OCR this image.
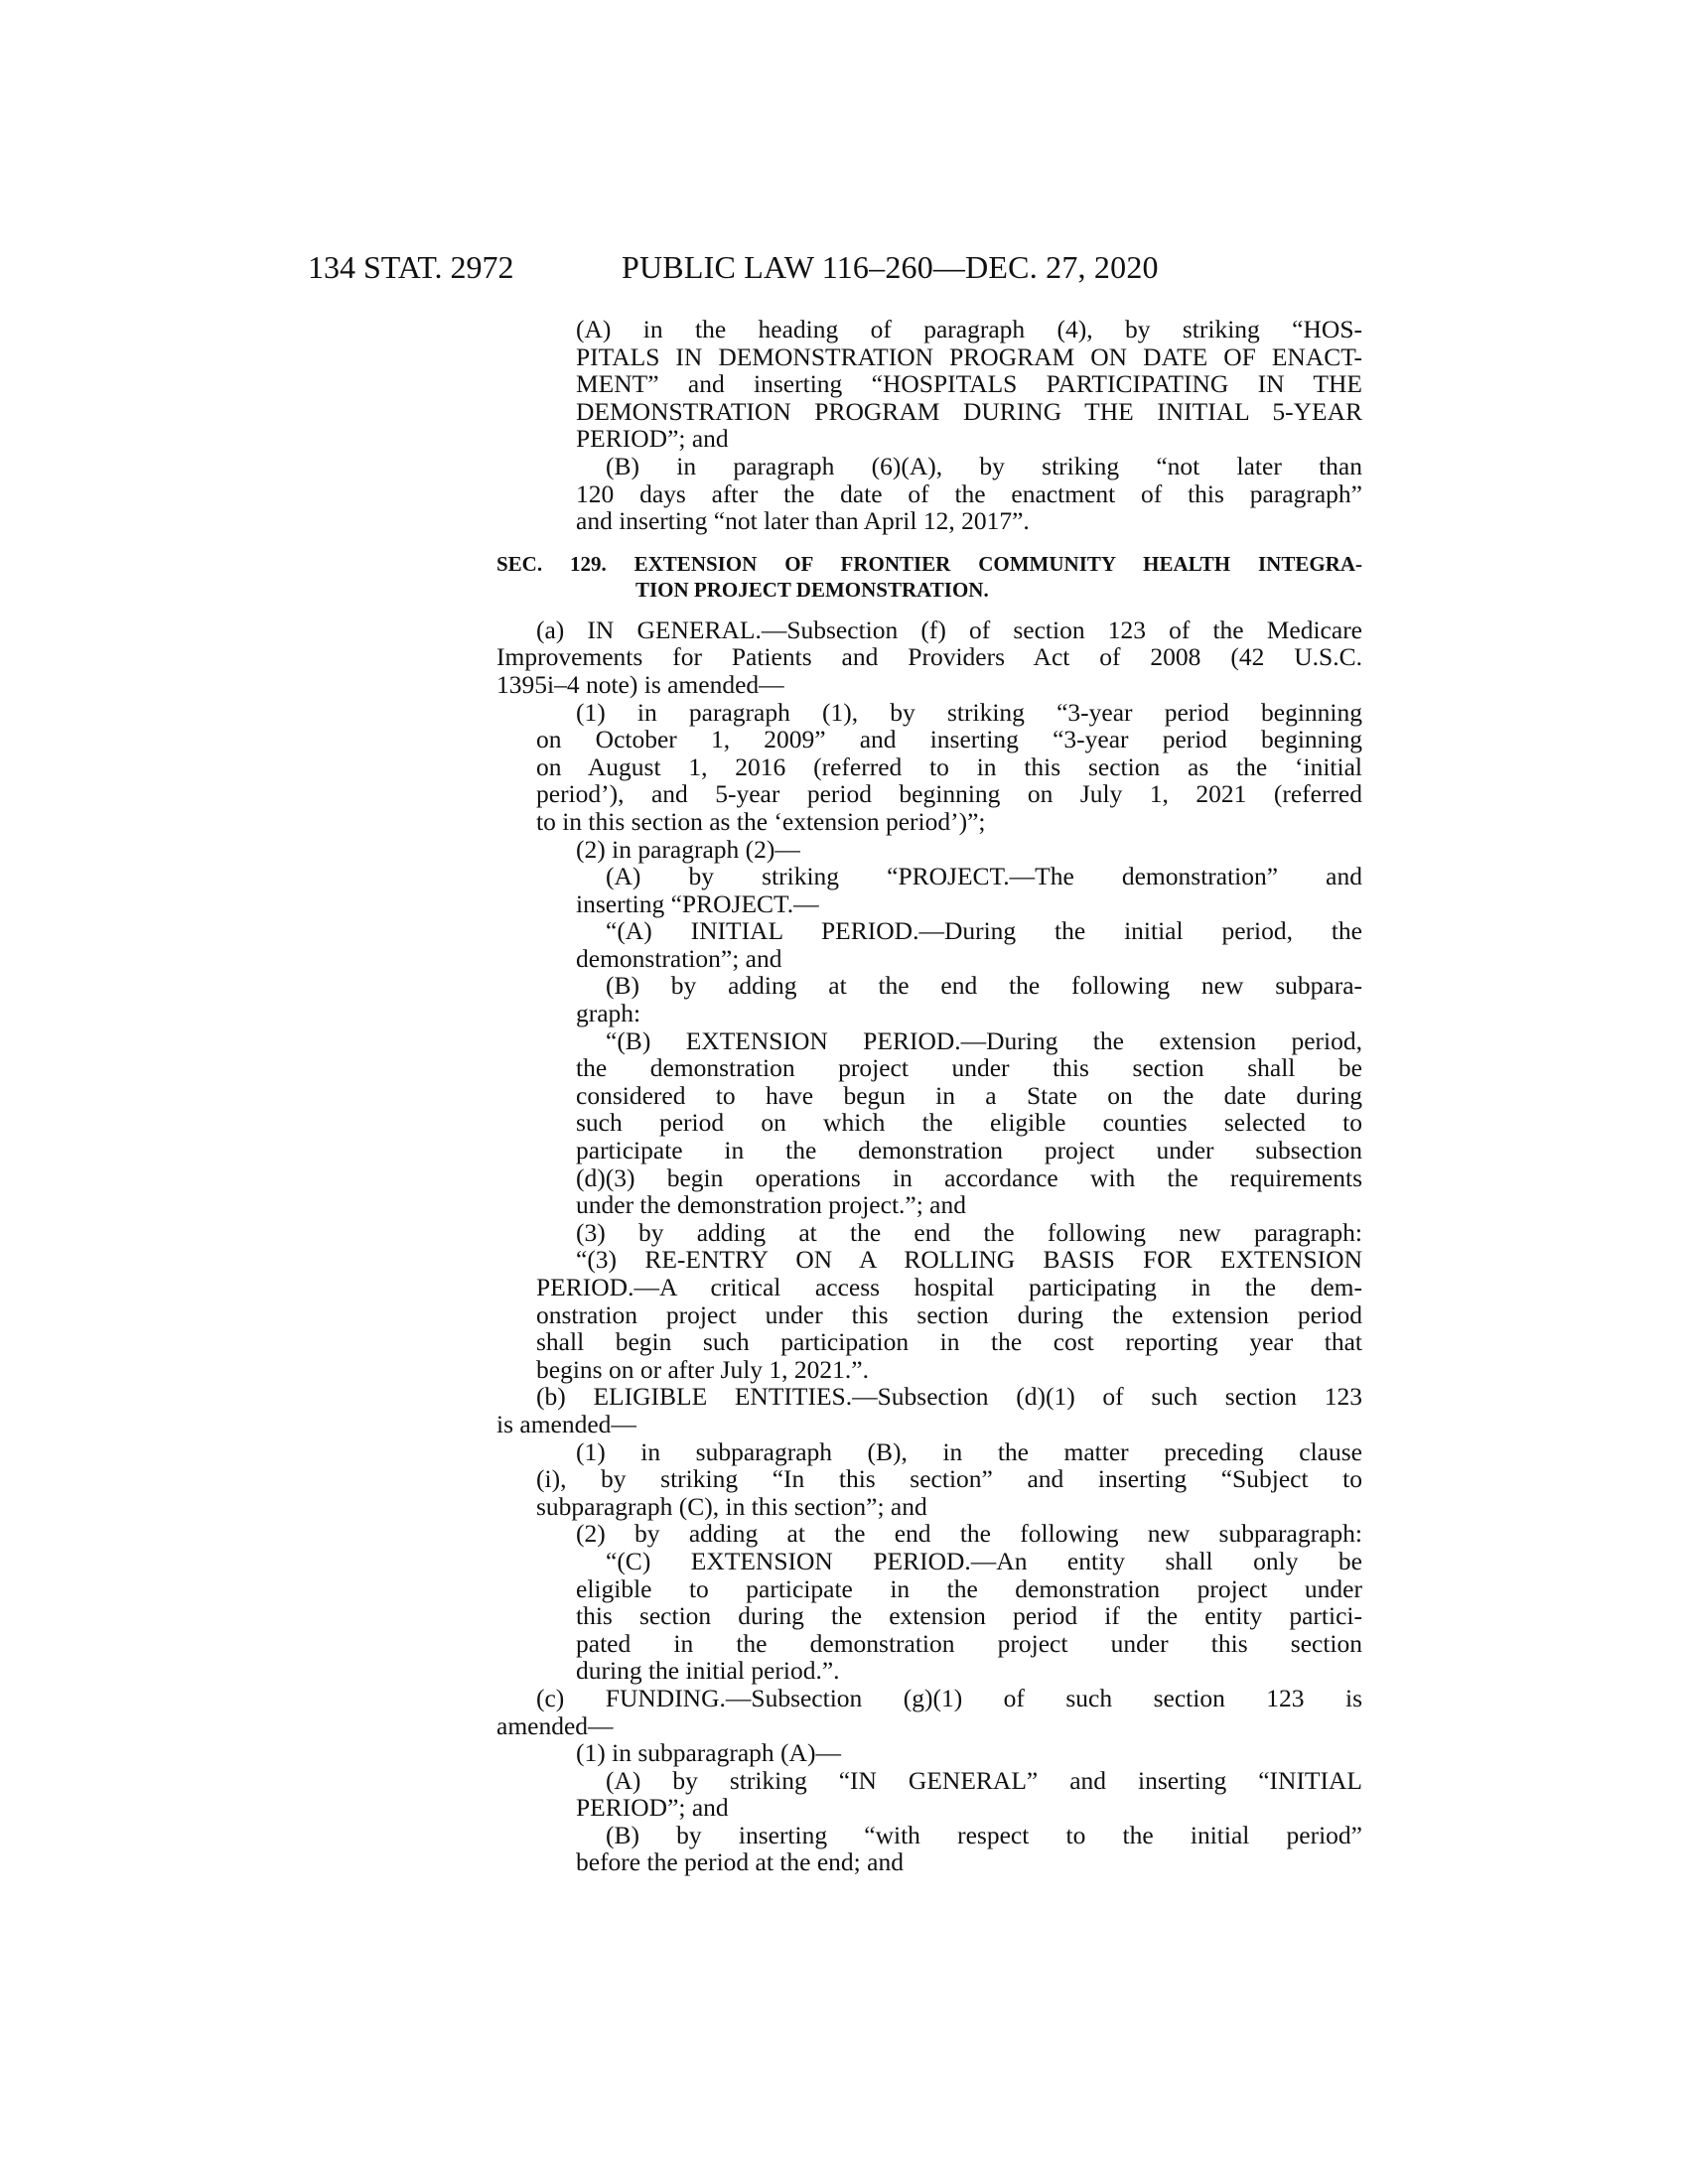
134 STAT. 2972	PUBLIC LAW 116–260—DEC. 27, 2020
(A) in the heading of paragraph (4), by striking “HOS-
PITALS IN DEMONSTRATION PROGRAM ON DATE OF ENACT-
MENT” and inserting “HOSPITALS PARTICIPATING IN THE
DEMONSTRATION PROGRAM DURING THE INITIAL 5-YEAR
PERIOD”; and
(B) in paragraph (6)(A), by striking “not later than
120 days after the date of the enactment of this paragraph”
and inserting “not later than April 12, 2017”.
SEC. 129. EXTENSION OF FRONTIER COMMUNITY HEALTH INTEGRA-
TION PROJECT DEMONSTRATION.
(a) IN GENERAL.—Subsection (f) of section 123 of the Medicare
Improvements for Patients and Providers Act of 2008 (42 U.S.C.
1395i–4 note) is amended—
(1) in paragraph (1), by striking “3-year period beginning
on October 1, 2009” and inserting “3-year period beginning
on August 1, 2016 (referred to in this section as the ‘initial
period’), and 5-year period beginning on July 1, 2021 (referred
to in this section as the ‘extension period’)”;
(2) in paragraph (2)—
(A) by striking “PROJECT.—The demonstration” and
inserting “PROJECT.—
“(A) INITIAL PERIOD.—During the initial period, the
demonstration”; and
(B) by adding at the end the following new subpara-
graph:
“(B) EXTENSION PERIOD.—During the extension period,
the demonstration project under this section shall be
considered to have begun in a State on the date during
such period on which the eligible counties selected to
participate in the demonstration project under subsection
(d)(3) begin operations in accordance with the requirements
under the demonstration project.”; and
(3) by adding at the end the following new paragraph:
“(3) RE-ENTRY ON A ROLLING BASIS FOR EXTENSION
PERIOD.—A critical access hospital participating in the dem-
onstration project under this section during the extension period
shall begin such participation in the cost reporting year that
begins on or after July 1, 2021.”.
(b) ELIGIBLE ENTITIES.—Subsection (d)(1) of such section 123
is amended—
(1) in subparagraph (B), in the matter preceding clause
(i), by striking “In this section” and inserting “Subject to
subparagraph (C), in this section”; and
(2) by adding at the end the following new subparagraph:
“(C) EXTENSION PERIOD.—An entity shall only be
eligible to participate in the demonstration project under
this section during the extension period if the entity partici-
pated in the demonstration project under this section
during the initial period.”.
(c) FUNDING.—Subsection (g)(1) of such section 123 is
amended—
(1) in subparagraph (A)—
(A) by striking “IN GENERAL” and inserting “INITIAL
PERIOD”; and
(B) by inserting “with respect to the initial period”
before the period at the end; and
